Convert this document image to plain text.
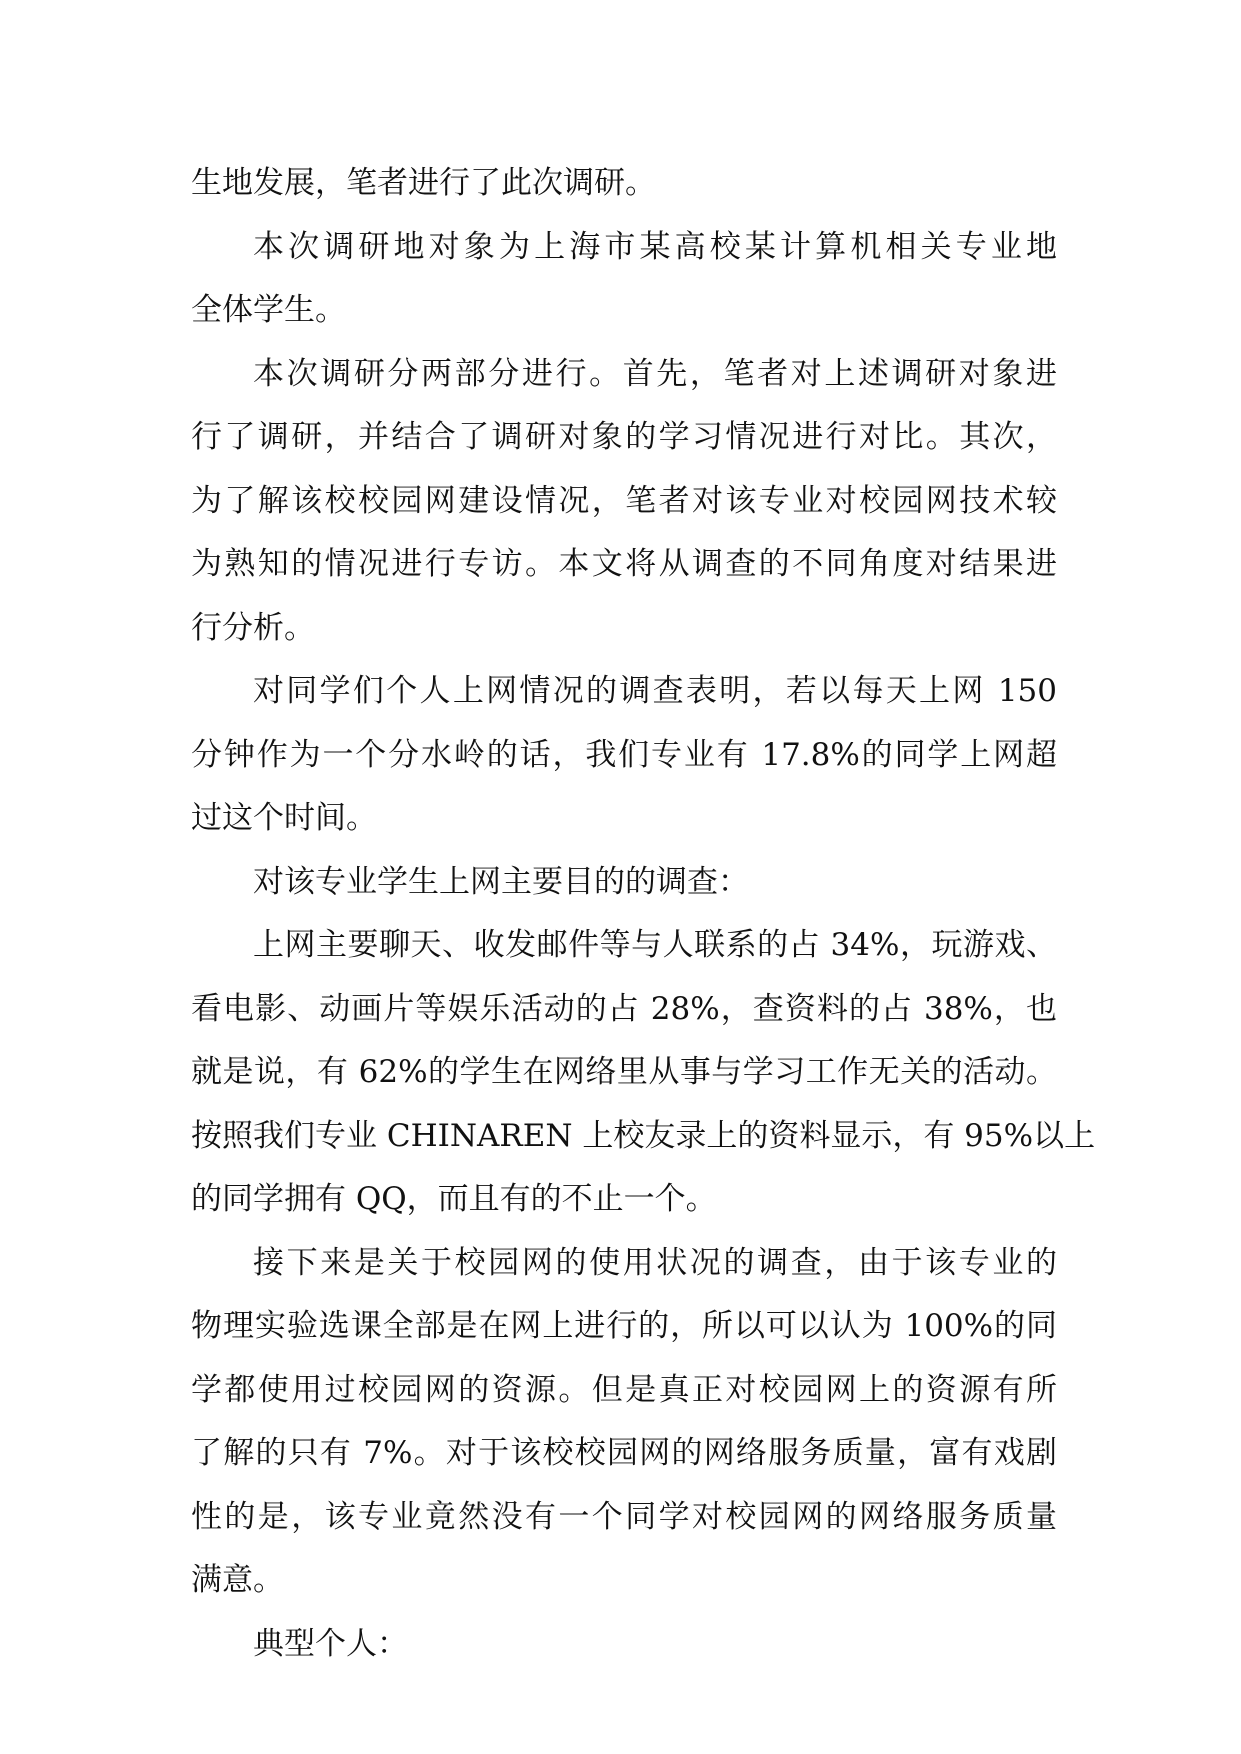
生地发展，笔者进行了此次调研。
本次调研地对象为上海市某高校某计算机相关专业地
全体学生。
本次调研分两部分进行。首先，笔者对上述调研对象进
行了调研，并结合了调研对象的学习情况进行对比。其次，
为了解该校校园网建设情况，笔者对该专业对校园网技术较
为熟知的情况进行专访。本文将从调查的不同角度对结果进
行分析。
对同学们个人上网情况的调查表明，若以每天上网 150
分钟作为一个分水岭的话，我们专业有 17.8%的同学上网超
过这个时间。
对该专业学生上网主要目的的调查：
上网主要聊天、收发邮件等与人联系的占 34%，玩游戏、
看电影、动画片等娱乐活动的占 28%，查资料的占 38%，也
就是说，有 62%的学生在网络里从事与学习工作无关的活动。
按照我们专业 CHINAREN 上校友录上的资料显示，有 95%以上
的同学拥有 QQ，而且有的不止一个。
接下来是关于校园网的使用状况的调查，由于该专业的
物理实验选课全部是在网上进行的，所以可以认为 100%的同
学都使用过校园网的资源。但是真正对校园网上的资源有所
了解的只有 7%。对于该校校园网的网络服务质量，富有戏剧
性的是，该专业竟然没有一个同学对校园网的网络服务质量
满意。
典型个人：
